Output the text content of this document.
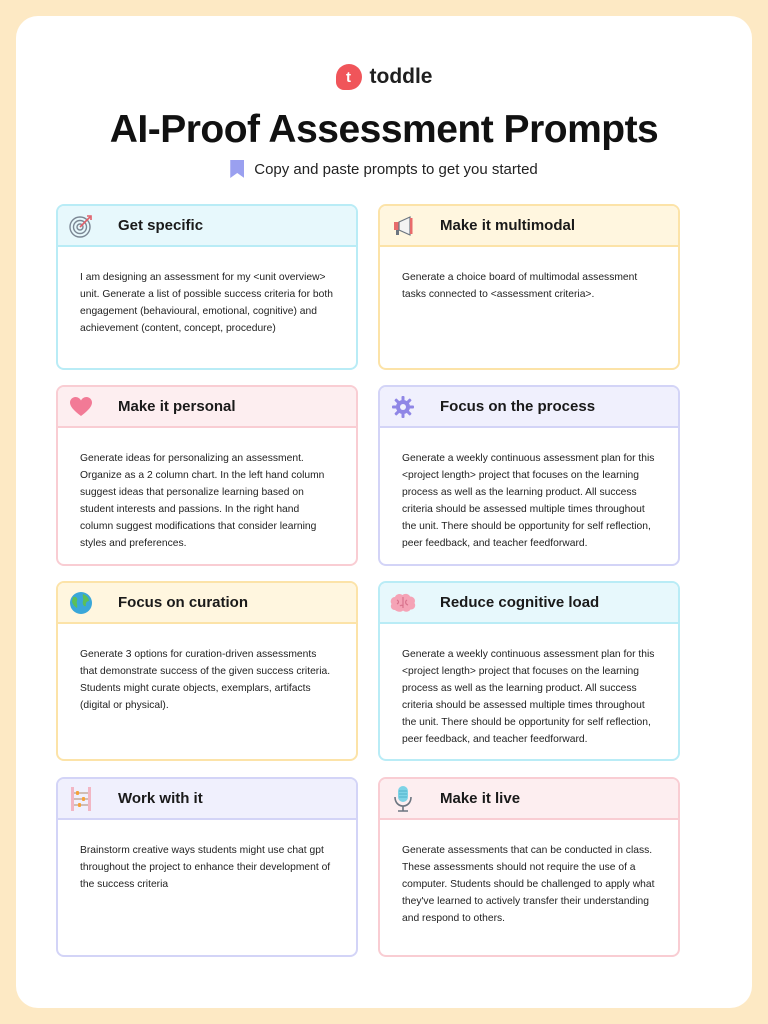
t toddle
AI-Proof Assessment Prompts
Copy and paste prompts to get you started
Get specific
I am designing an assessment for my <unit overview> unit. Generate a list of possible success criteria for both engagement (behavioural, emotional, cognitive) and achievement (content, concept, procedure)
Make it multimodal
Generate a choice board of multimodal assessment tasks connected to <assessment criteria>.
Make it personal
Generate ideas for personalizing an assessment. Organize as a 2 column chart. In the left hand column suggest ideas that personalize learning based on student interests and passions. In the right hand column suggest modifications that consider learning styles and preferences.
Focus on the process
Generate a weekly continuous assessment plan for this <project length> project that focuses on the learning process as well as the learning product. All success criteria should be assessed multiple times throughout the unit. There should be opportunity for self reflection, peer feedback, and teacher feedforward.
Focus on curation
Generate 3 options for curation-driven assessments that demonstrate success of the given success criteria. Students might curate objects, exemplars, artifacts (digital or physical).
Reduce cognitive load
Generate a weekly continuous assessment plan for this <project length> project that focuses on the learning process as well as the learning product. All success criteria should be assessed multiple times throughout the unit. There should be opportunity for self reflection, peer feedback, and teacher feedforward.
Work with it
Brainstorm creative ways students might use chat gpt throughout the project to enhance their development of the success criteria
Make it live
Generate assessments that can be conducted in class. These assessments should not require the use of a computer. Students should be challenged to apply what they've learned to actively transfer their understanding and respond to others.
